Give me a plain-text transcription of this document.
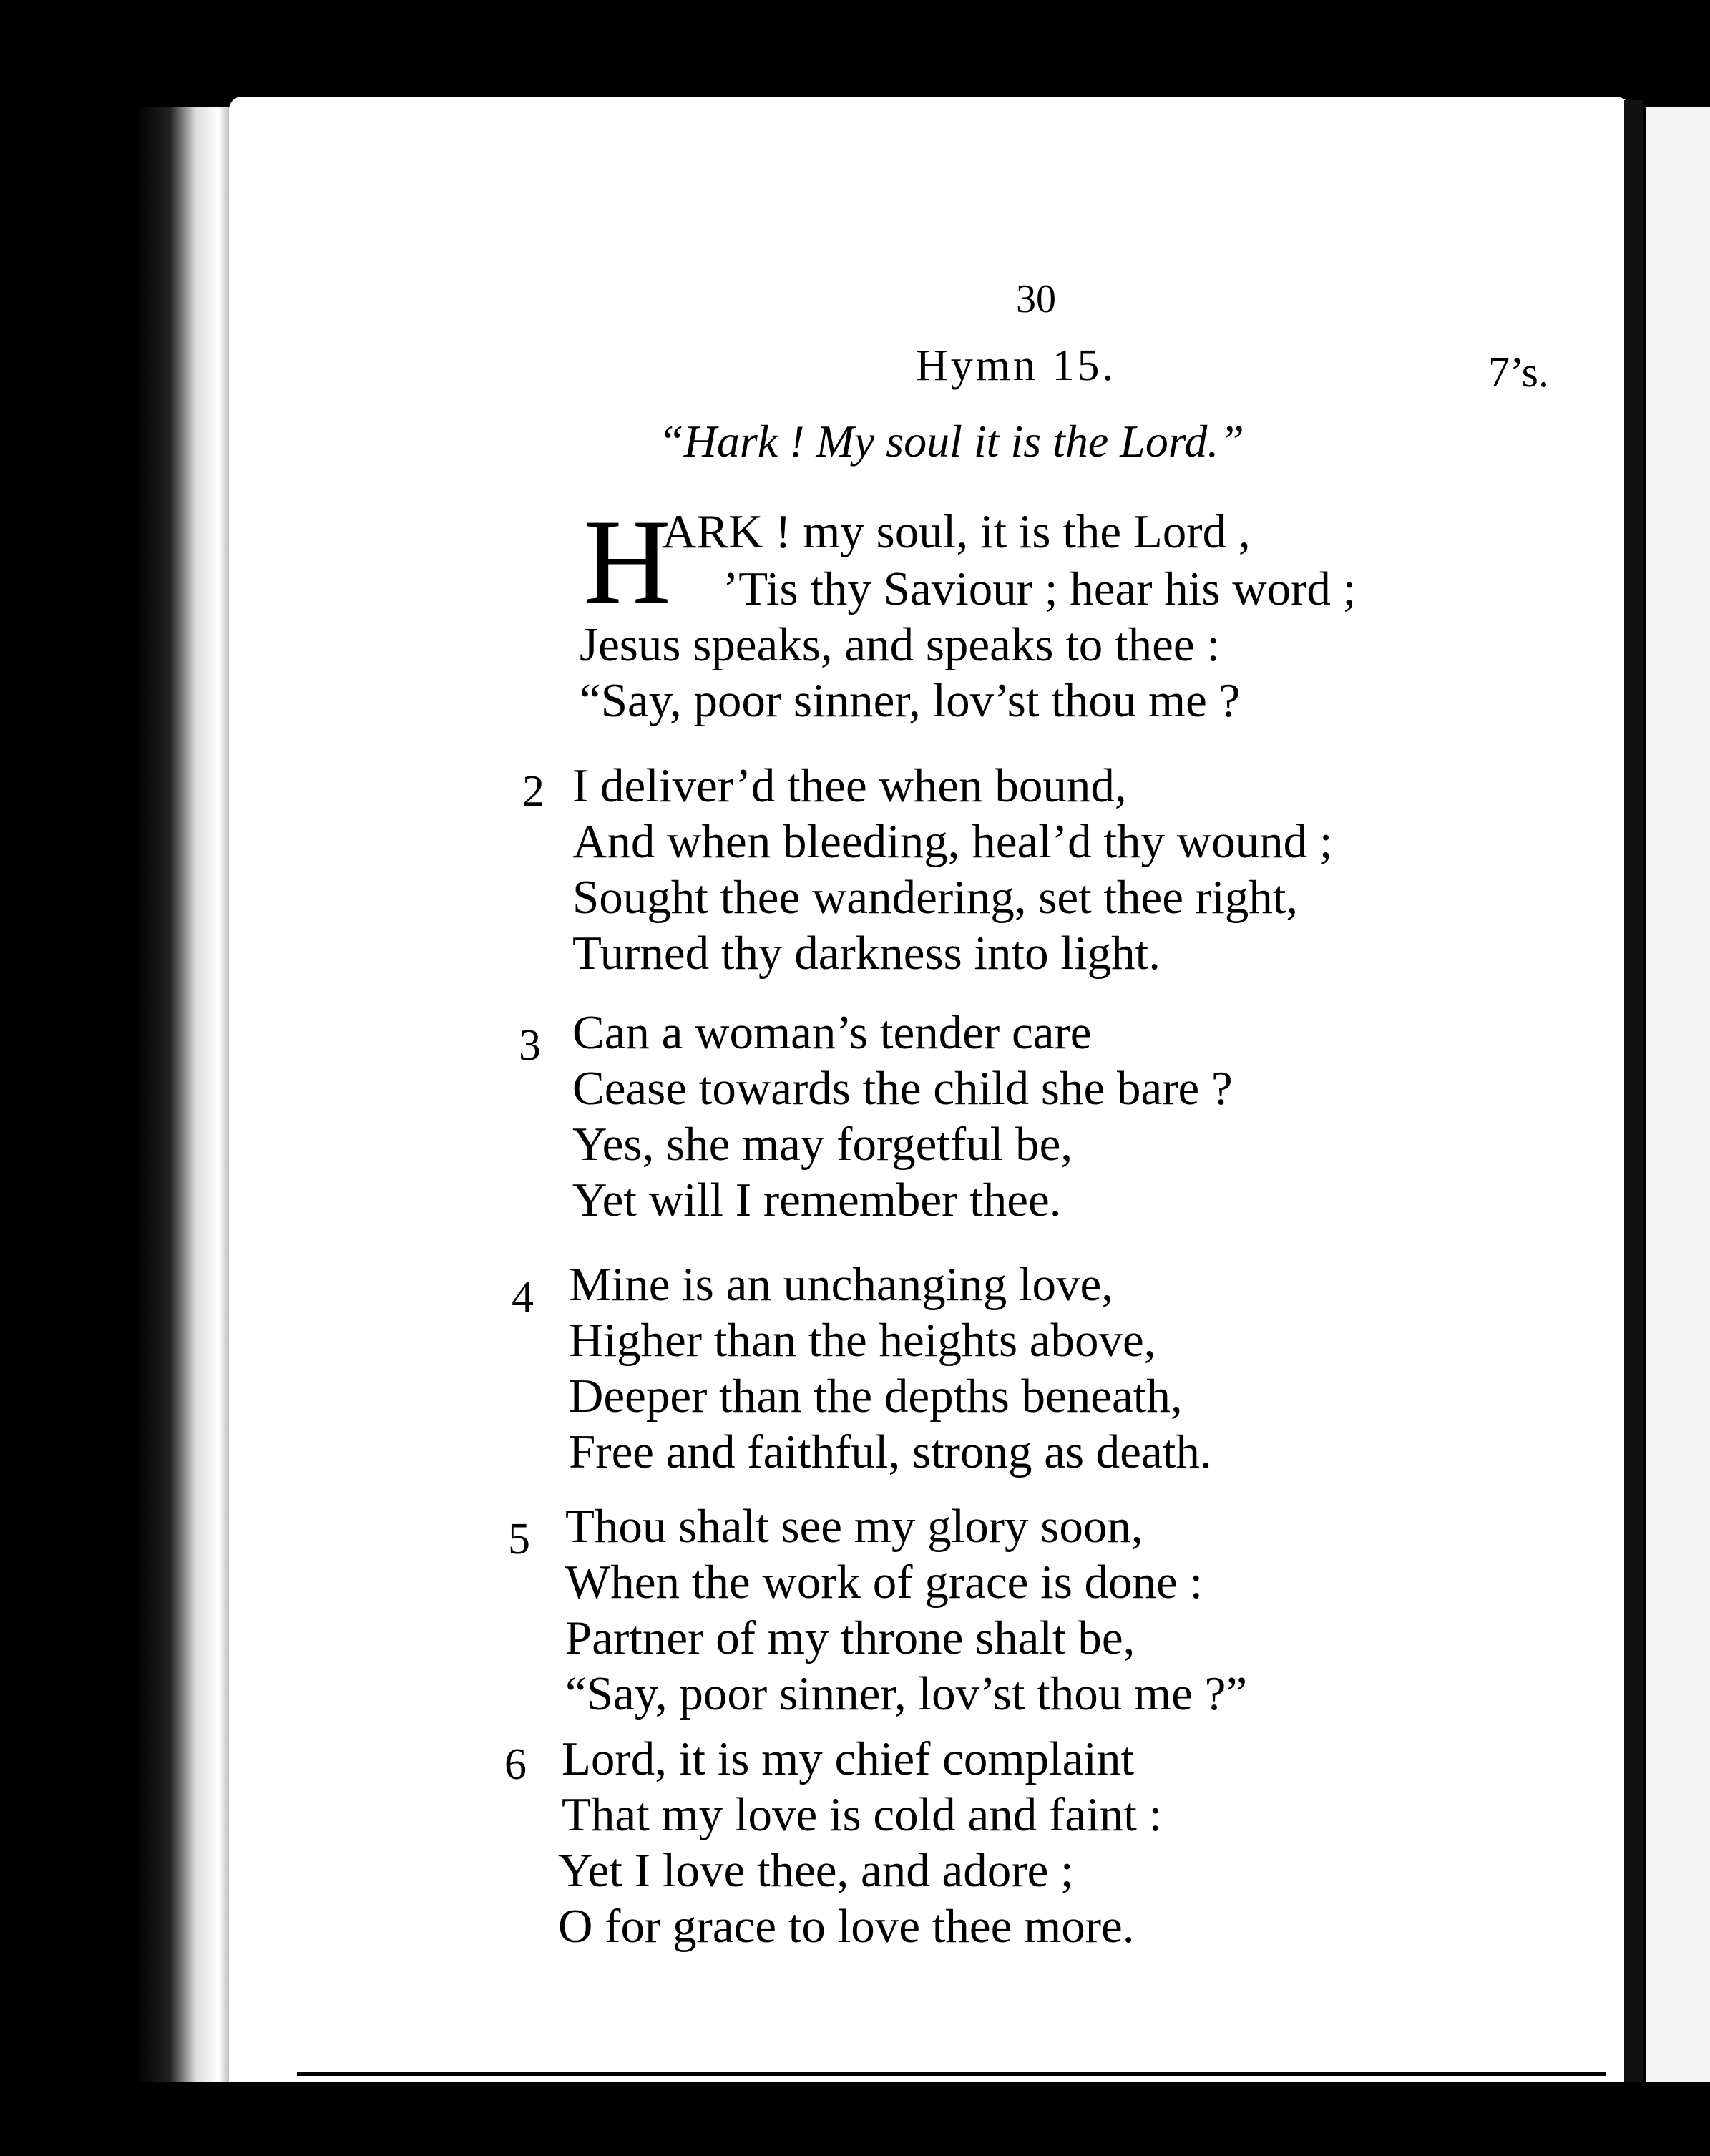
30
Hymn 15.	7’s.
“Hark ! My soul it is the Lord.”
H
ARK ! my soul, it is the Lord ,
’Tis thy Saviour ; hear his word ;
Jesus speaks, and speaks to thee :
“Say, poor sinner, lov’st thou me ?
2 I deliver’d thee when bound,
And when bleeding, heal’d thy wound ;
Sought thee wandering, set thee right,
Turned thy darkness into light.
3 Can a woman’s tender care
Cease towards the child she bare ?
Yes, she may forgetful be,
Yet will I remember thee.
4 Mine is an unchanging love,
Higher than the heights above,
Deeper than the depths beneath,
Free and faithful, strong as death.
5 Thou shalt see my glory soon,
When the work of grace is done :
Partner of my throne shalt be,
“Say, poor sinner, lov’st thou me ?”
6 Lord, it is my chief complaint
That my love is cold and faint :
Yet I love thee, and adore ;
O for grace to love thee more.
